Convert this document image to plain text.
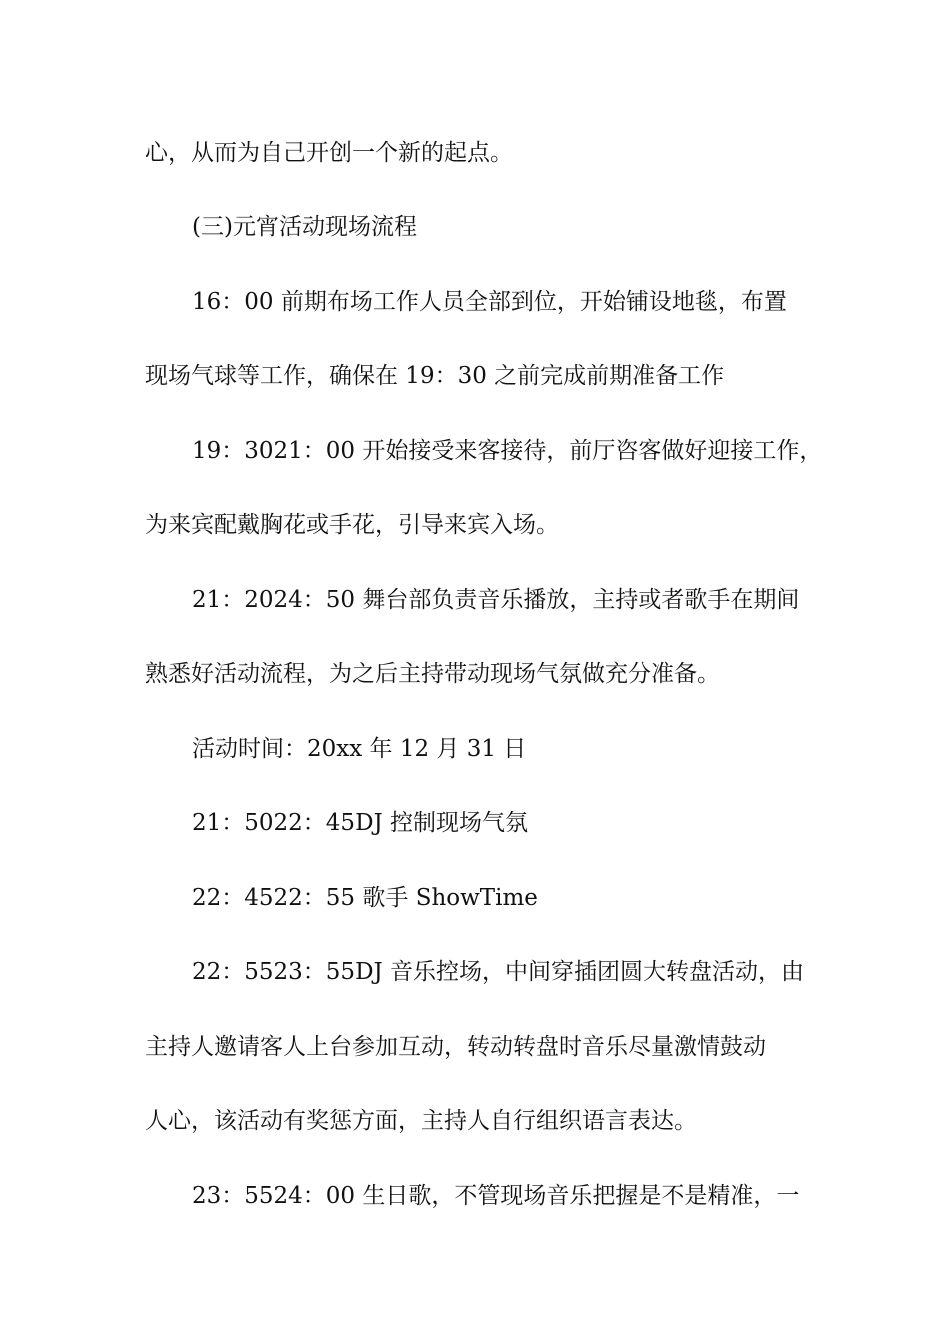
心，从而为自己开创一个新的起点。
(三)元宵活动现场流程
16：00 前期布场工作人员全部到位，开始铺设地毯，布置
现场气球等工作，确保在 19：30 之前完成前期准备工作
19：3021：00 开始接受来客接待，前厅咨客做好迎接工作，
为来宾配戴胸花或手花，引导来宾入场。
21：2024：50 舞台部负责音乐播放，主持或者歌手在期间
熟悉好活动流程，为之后主持带动现场气氛做充分准备。
活动时间：20xx 年 12 月 31 日
21：5022：45DJ 控制现场气氛
22：4522：55 歌手 ShowTime
22：5523：55DJ 音乐控场，中间穿插团圆大转盘活动，由
主持人邀请客人上台参加互动，转动转盘时音乐尽量激情鼓动
人心，该活动有奖惩方面，主持人自行组织语言表达。
23：5524：00 生日歌，不管现场音乐把握是不是精准，一
